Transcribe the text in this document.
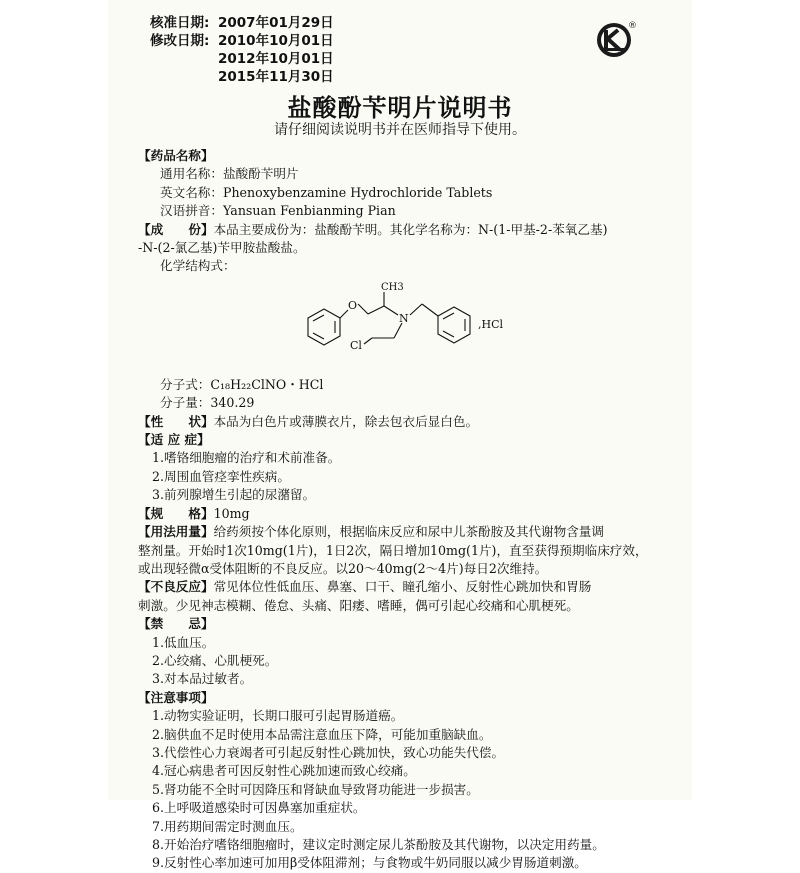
核准日期: 2007年01月29日
修改日期: 2010年10月01日
2012年10月01日
2015年11月30日
®
盐酸酚苄明片说明书
请仔细阅读说明书并在医师指导下使用。
【药品名称】
通用名称：盐酸酚苄明片
英文名称：Phenoxybenzamine Hydrochloride Tablets
汉语拼音：Yansuan Fenbianming Pian
【成　　份】本品主要成份为：盐酸酚苄明。其化学名称为：N-(1-甲基-2-苯氧乙基)
-N-(2-氯乙基)苄甲胺盐酸盐。
化学结构式：
O
N
CH3
Cl
,HCl
分子式：C₁₈H₂₂ClNO・HCl
分子量：340.29
【性　　状】本品为白色片或薄膜衣片，除去包衣后显白色。
【适 应 症】
1.嗜铬细胞瘤的治疗和术前准备。
2.周围血管痉挛性疾病。
3.前列腺增生引起的尿潴留。
【规　　格】10mg
【用法用量】给药须按个体化原则，根据临床反应和尿中儿茶酚胺及其代谢物含量调
整剂量。开始时1次10mg(1片)，1日2次，隔日增加10mg(1片)，直至获得预期临床疗效，
或出现轻微α受体阻断的不良反应。以20～40mg(2～4片)每日2次维持。
【不良反应】常见体位性低血压、鼻塞、口干、瞳孔缩小、反射性心跳加快和胃肠
刺激。少见神志模糊、倦怠、头痛、阳痿、嗜睡，偶可引起心绞痛和心肌梗死。
【禁　　忌】
1.低血压。
2.心绞痛、心肌梗死。
3.对本品过敏者。
【注意事项】
1.动物实验证明，长期口服可引起胃肠道癌。
2.脑供血不足时使用本品需注意血压下降，可能加重脑缺血。
3.代偿性心力衰竭者可引起反射性心跳加快，致心功能失代偿。
4.冠心病患者可因反射性心跳加速而致心绞痛。
5.肾功能不全时可因降压和肾缺血导致肾功能进一步损害。
6.上呼吸道感染时可因鼻塞加重症状。
7.用药期间需定时测血压。
8.开始治疗嗜铬细胞瘤时，建议定时测定尿儿茶酚胺及其代谢物，以决定用药量。
9.反射性心率加速可加用β受体阻滞剂；与食物或牛奶同服以减少胃肠道刺激。
